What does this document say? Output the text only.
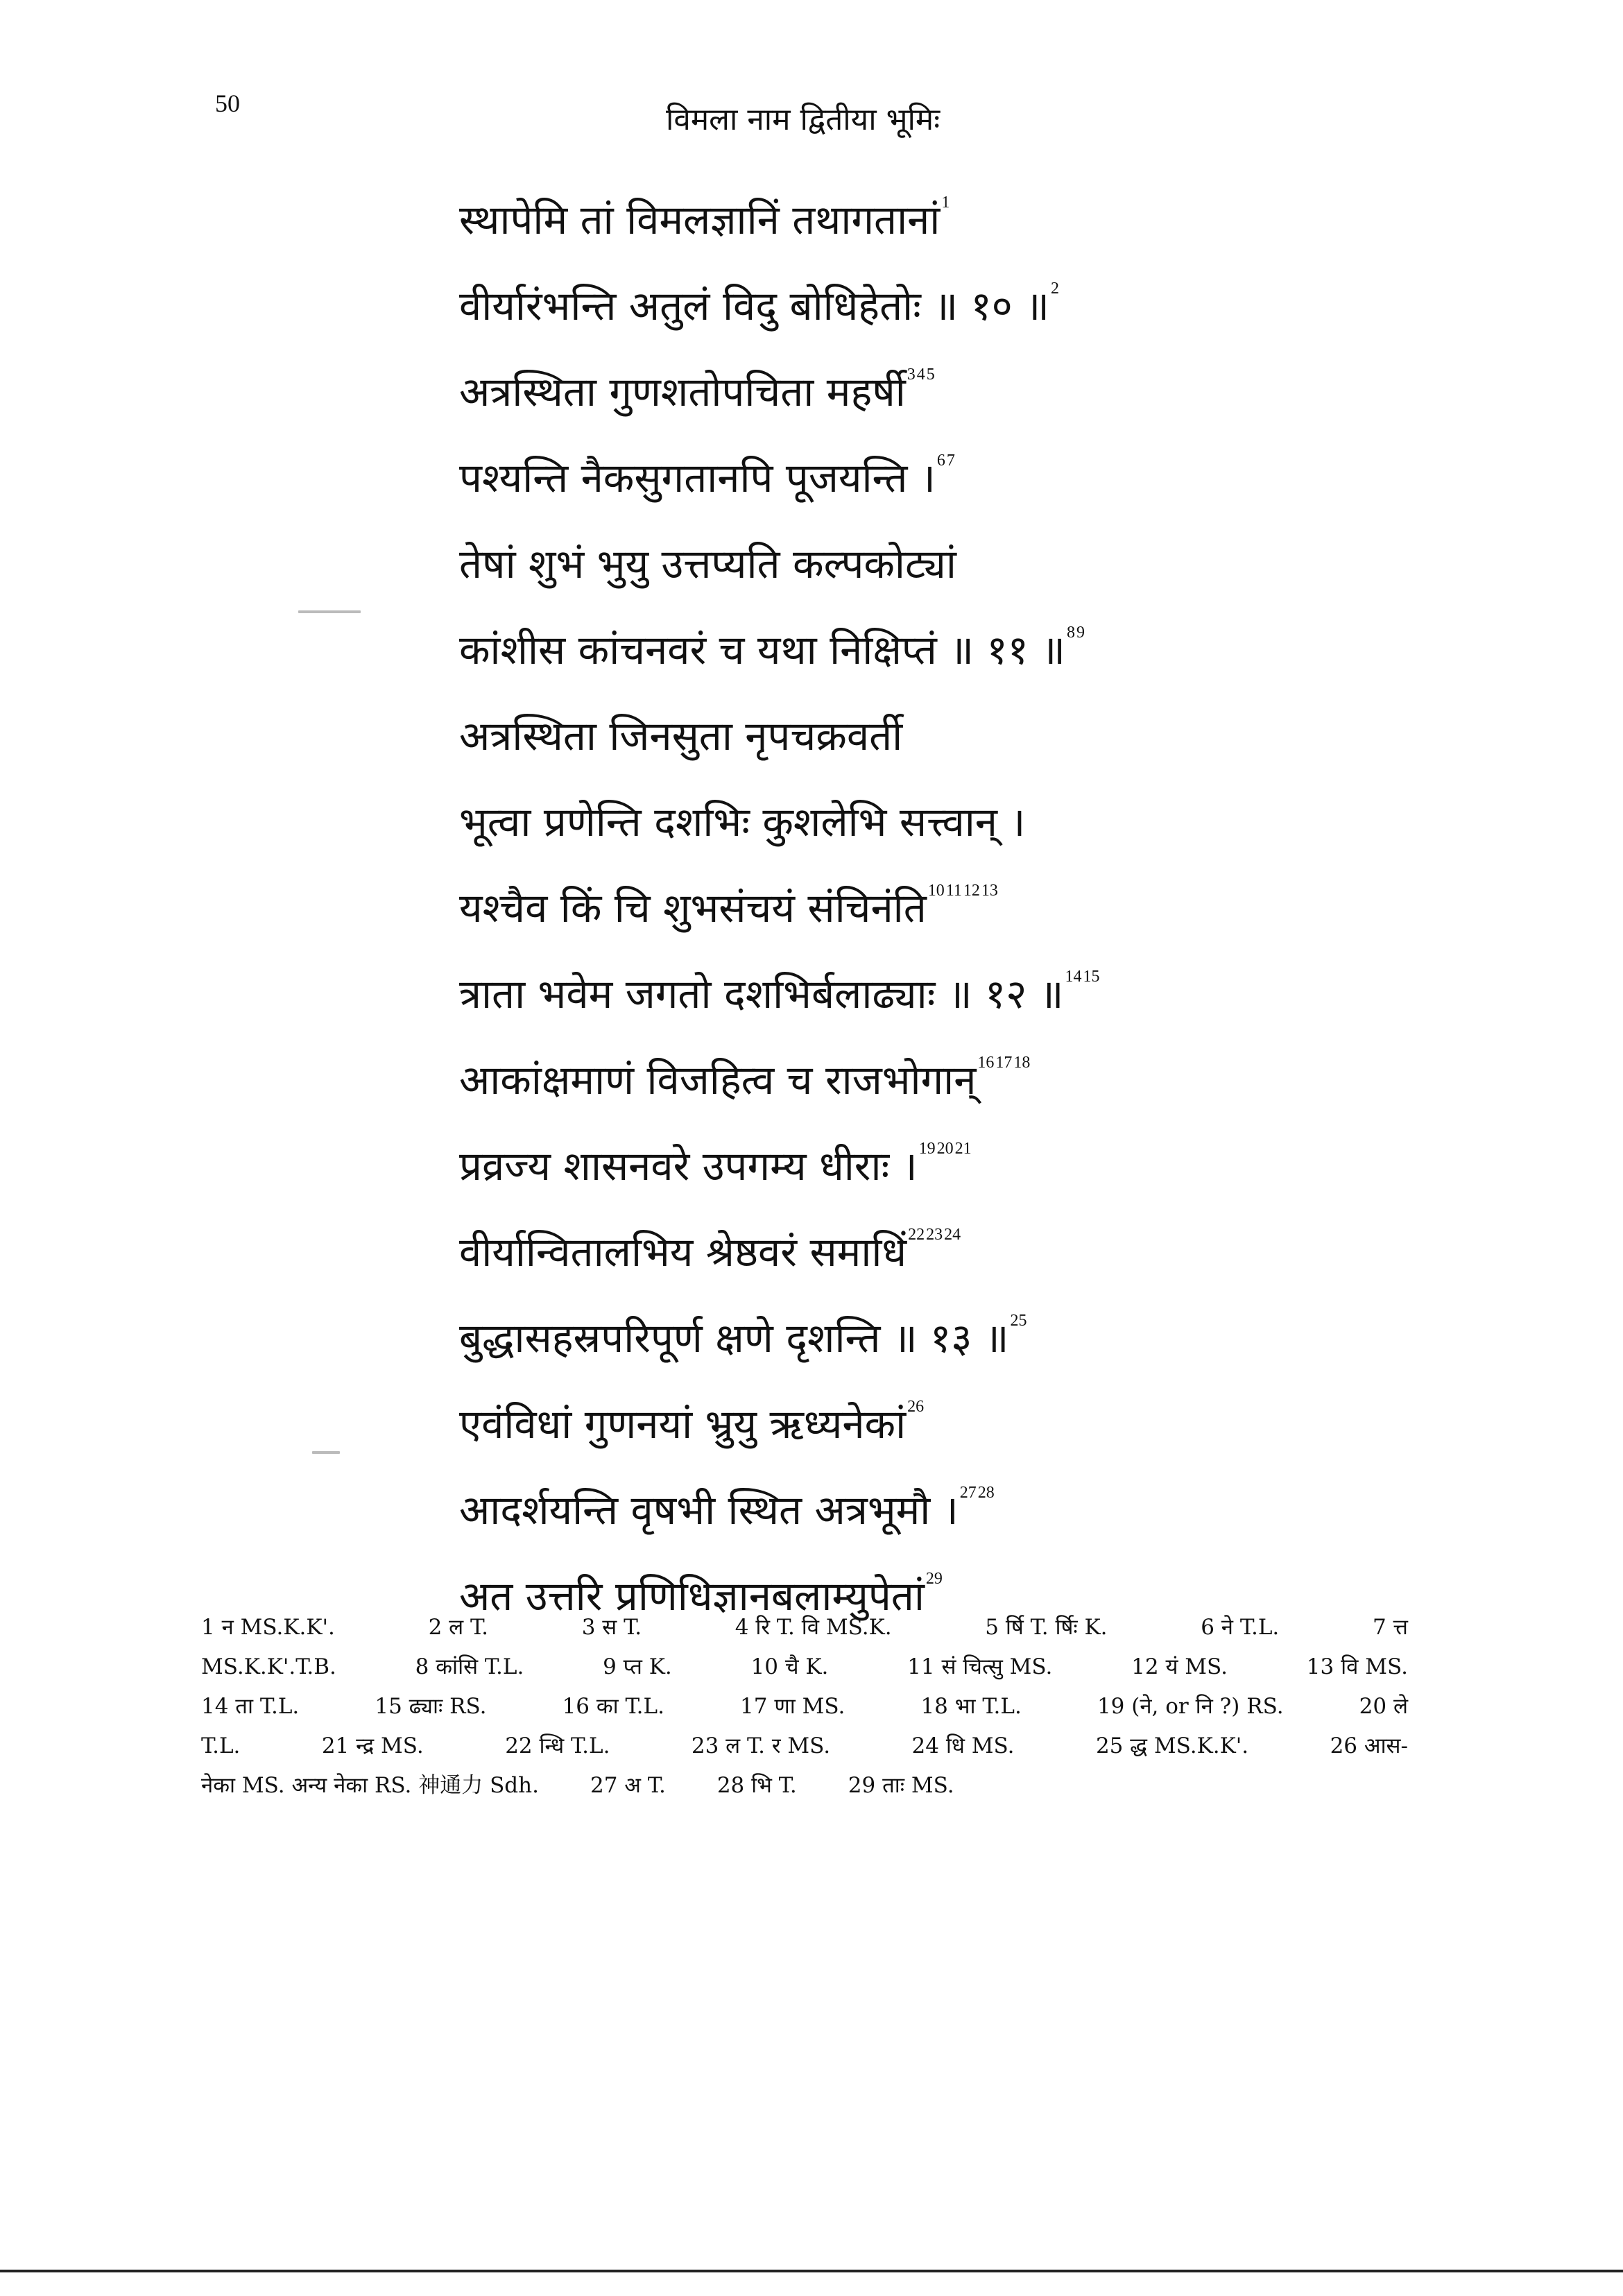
50	विमला नाम द्वितीया भूमिः
स्थापेमि तां विमलज्ञानिं तथागतानां$^1$
वीर्यारंभन्ति अतुलं विदु बोधिहेतोः ॥ १० ॥$^2$
अत्रस्थिता गुणशतोपचिता महर्षी$^{345}$
पश्यन्ति नैकसुगतानपि पूजयन्ति ।$^{67}$
तेषां शुभं भुयु उत्तप्यति कल्पकोट्यां
कांशीस कांचनवरं च यथा निक्षिप्तं ॥ ११ ॥$^{89}$
अत्रस्थिता जिनसुता नृपचक्रवर्ती
भूत्वा प्रणेन्ति दशभिः कुशलेभि सत्त्वान् ।
यश्चैव किं चि शुभसंचयं संचिनंति$^{10111213}$
त्राता भवेम जगतो दशभिर्बलाढ्याः ॥ १२ ॥$^{1415}$
आकांक्षमाणं विजहित्व च राजभोगान्$^{161718}$
प्रव्रज्य शासनवरे उपगम्य धीराः ।$^{192021}$
वीर्यान्वितालभिय श्रेष्ठवरं समाधिं$^{222324}$
बुद्धासहस्रपरिपूर्ण क्षणे दृशन्ति ॥ १३ ॥$^{25}$
एवंविधां गुणनयां भ्रुयु ऋध्यनेकां$^{26}$
आदर्शयन्ति वृषभी स्थित अत्रभूमौ ।$^{2728}$
अत उत्तरि प्रणिधिज्ञानबलाम्युपेतां$^{29}$
1 न MS.K.K'.	2 ल T.	3 स T.	4 रि T. वि MS.K.	5 र्षि T. र्षिः K.	6 ने T.L.	7 त्त
MS.K.K'.T.B.	8 कांसि T.L.	9 प्त K.	10 चै K.	11 सं चित्सु MS.	12 यं MS.	13 वि MS.
14 ता T.L.	15 ढ्याः RS.	16 का T.L.	17 णा MS.	18 भा T.L.	19 (ने, or नि ?) RS.	20 ले
T.L.	21 न्द्र MS.	22 न्धि T.L.	23 ल T. र MS.	24 धि MS.	25 द्ध MS.K.K'.	26 आस-
नेका MS. अन्य नेका RS. 神通力 Sdh. 27 अ T. 28 भि T. 29 ताः MS.
